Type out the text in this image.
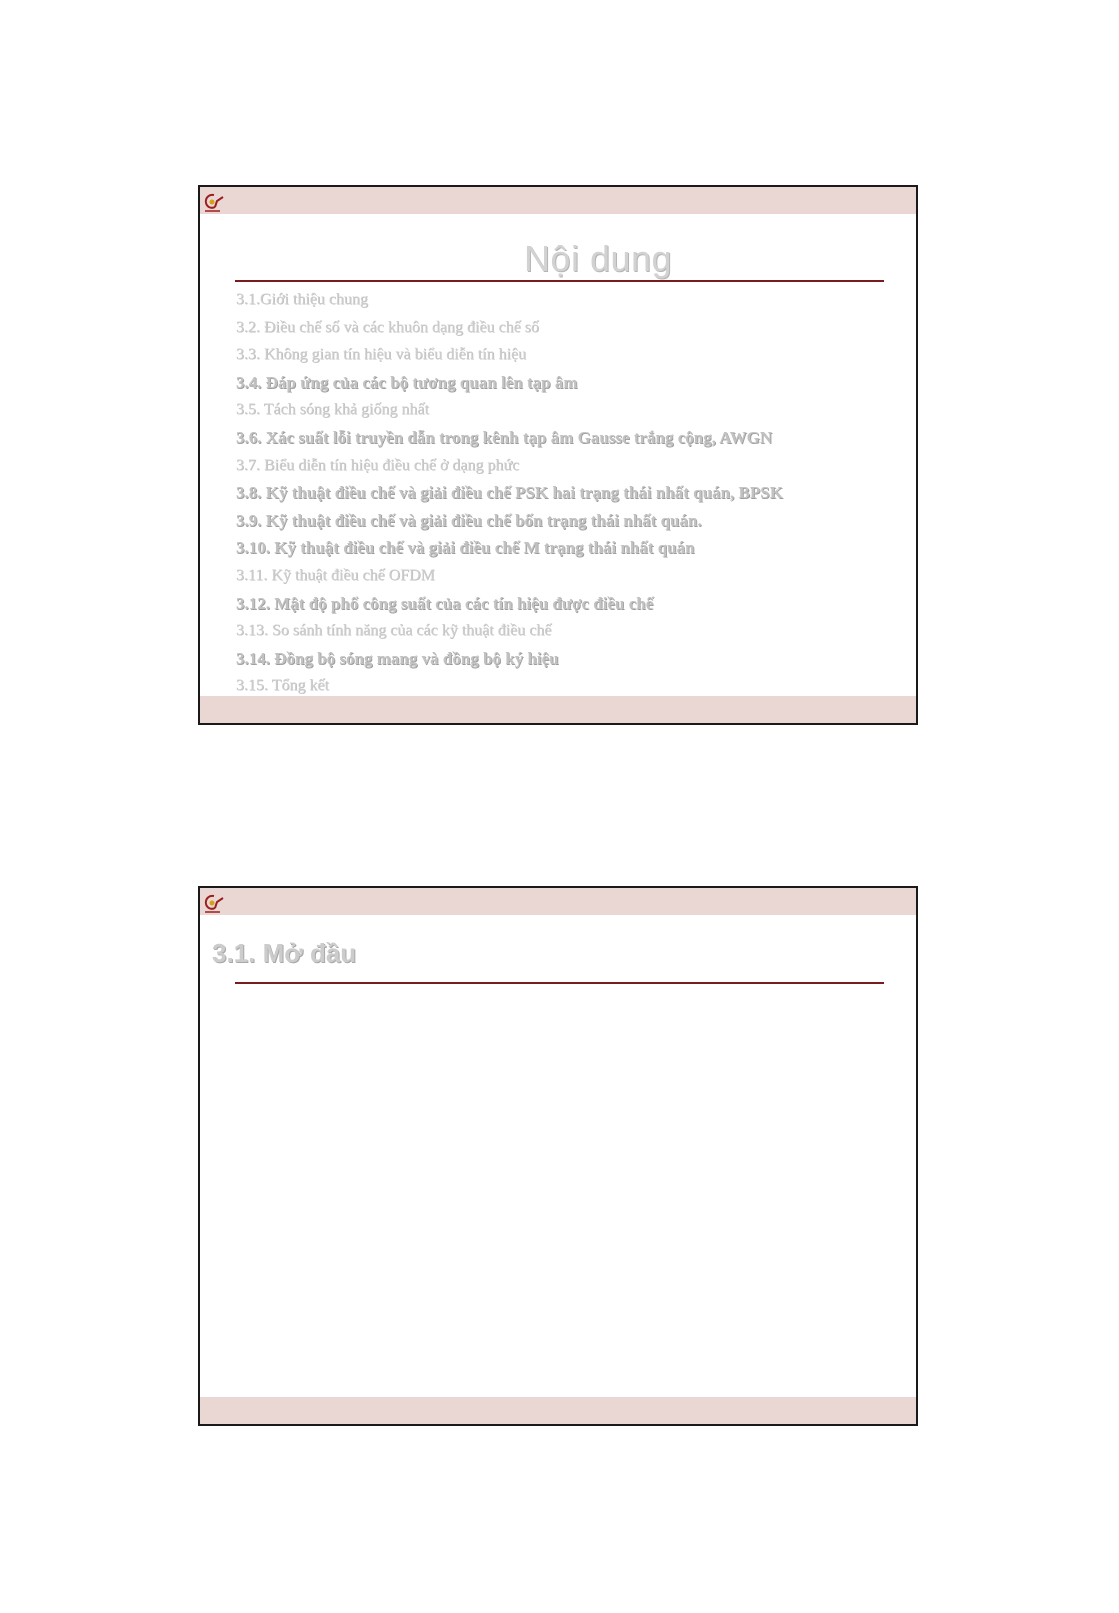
Nội dung
3.1.Giới thiệu chung
3.2. Điều chế số và các khuôn dạng điều chế số
3.3. Không gian tín hiệu và biểu diễn tín hiệu
3.4. Đáp ứng của các bộ tương quan lên tạp âm
3.5. Tách sóng khả giống nhất
3.6. Xác suất lỗi truyền dẫn trong kênh tạp âm Gausse trắng cộng, AWGN
3.7. Biểu diễn tín hiệu điều chế ở dạng phức
3.8. Kỹ thuật điều chế và giải điều chế PSK hai trạng thái nhất quán, BPSK
3.9. Kỹ thuật điều chế và giải điều chế bốn trạng thái nhất quán.
3.10. Kỹ thuật điều chế và giải điều chế M trạng thái nhất quán
3.11. Kỹ thuật điều chế OFDM
3.12. Mật độ phổ công suất của các tín hiệu được điều chế
3.13. So sánh tính năng của các kỹ thuật điều chế
3.14. Đồng bộ sóng mang và đồng bộ ký hiệu
3.15. Tổng kết
3.1. Mở đầu
